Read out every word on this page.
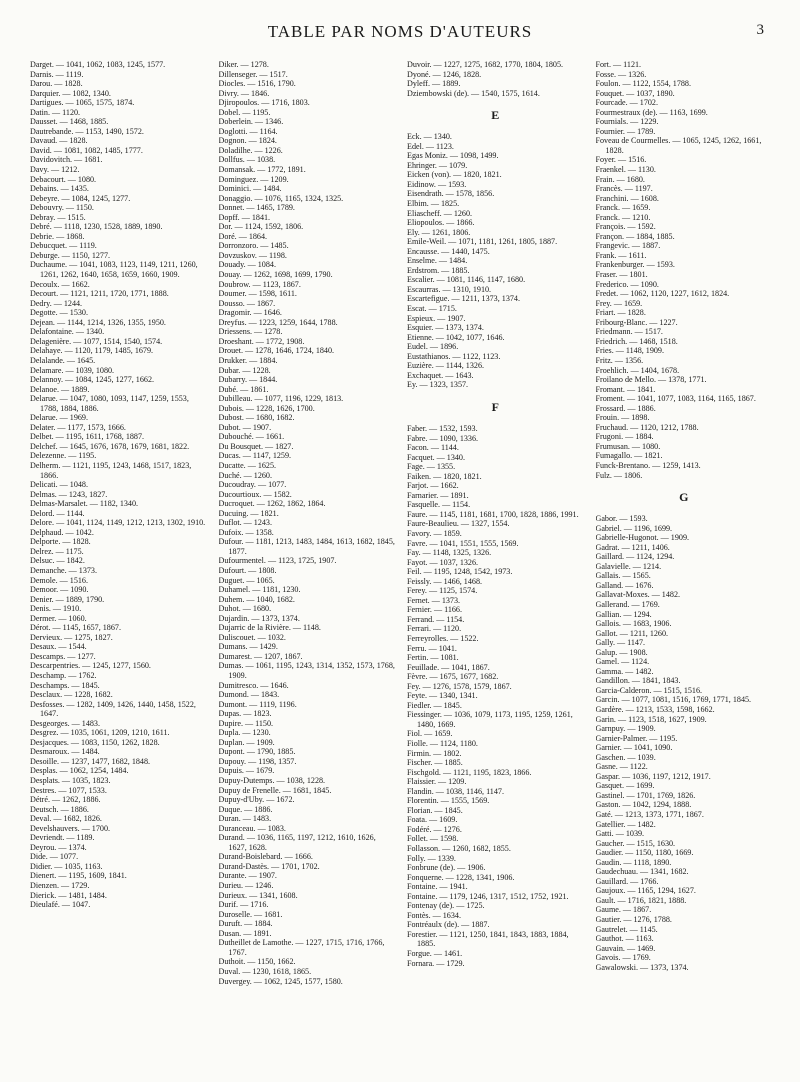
TABLE PAR NOMS D'AUTEURS	3

Darget. — 1041, 1062, 1083, 1245, 1577.

Darnis. — 1119.

Darou. — 1828.

Darquier. — 1082, 1340.

Dartigues. — 1065, 1575, 1874.

Datin. — 1120.

Dausset. — 1468, 1885.

Dautrebande. — 1153, 1490, 1572.

Davaud. — 1828.

David. — 1081, 1082, 1485, 1777.

Davidovitch. — 1681.

Davy. — 1212.

Debacourt. — 1080.

Debains. — 1435.

Debeyre. — 1084, 1245, 1277.

Debouvry. — 1150.

Debray. — 1515.

Debré. — 1118, 1230, 1528, 1889, 1890.

Debrie. — 1868.

Debucquet. — 1119.

Deburge. — 1150, 1277.

Duchaume. — 1041, 1083, 1123, 1149, 1211, 1260, 1261, 1262, 1640, 1658, 1659, 1660, 1909.

Decoulx. — 1662.

Decourt. — 1121, 1211, 1720, 1771, 1888.

Dedry. — 1244.

Degotte. — 1530.

Dejean. — 1144, 1214, 1326, 1355, 1950.

Delafontaine. — 1340.

Delagenière. — 1077, 1514, 1540, 1574.

Delahaye. — 1120, 1179, 1485, 1679.

Delalande. — 1645.

Delamare. — 1039, 1080.

Delannoy. — 1084, 1245, 1277, 1662.

Delanoe. — 1889.

Delarue. — 1047, 1080, 1093, 1147, 1259, 1553, 1788, 1884, 1886.

Delarue. — 1969.

Delater. — 1177, 1573, 1666.

Delbet. — 1195, 1611, 1768, 1887.

Delchef. — 1645, 1676, 1678, 1679, 1681, 1822.

Delezenne. — 1195.

Delherm. — 1121, 1195, 1243, 1468, 1517, 1823, 1866.

Delicati. — 1048.

Delmas. — 1243, 1827.

Delmas-Marsalet. — 1182, 1340.

Delord. — 1144.

Delore. — 1041, 1124, 1149, 1212, 1213, 1302, 1910.

Delphaud. — 1042.

Delporte. — 1828.

Delrez. — 1175.

Delsuc. — 1842.

Demanche. — 1373.

Demole. — 1516.

Demoor. — 1090.

Denier. — 1889, 1790.

Denis. — 1910.

Dermer. — 1060.

Dérot. — 1145, 1657, 1867.

Dervieux. — 1275, 1827.

Desaux. — 1544.

Descamps. — 1277.

Descarpentries. — 1245, 1277, 1560.

Deschamp. — 1762.

Deschamps. — 1845.

Desclaux. — 1228, 1682.

Desfosses. — 1282, 1409, 1426, 1440, 1458, 1522, 1647.

Desgeorges. — 1483.

Desgrez. — 1035, 1061, 1209, 1210, 1611.

Desjacques. — 1083, 1150, 1262, 1828.

Desmaroux. — 1484.

Desoille. — 1237, 1477, 1682, 1848.

Desplas. — 1062, 1254, 1484.

Desplats. — 1035, 1823.

Destres. — 1077, 1533.

Détré. — 1262, 1886.

Deutsch. — 1886.

Deval. — 1682, 1826.

Develshauvers. — 1700.

Devriendt. — 1189.

Deyrou. — 1374.

Dide. — 1077.

Didier. — 1035, 1163.

Dienert. — 1195, 1609, 1841.

Dienzen. — 1729.

Dierick. — 1481, 1484.

Dieulafé. — 1047.

Diker. — 1278.

Dillenseger. — 1517.

Diocles. — 1516, 1790.

Divry. — 1846.

Djiropoulos. — 1716, 1803.

Dobel. — 1195.

Doberlein. — 1346.

Doglotti. — 1164.

Dognon. — 1824.

Doladilhe. — 1226.

Dollfus. — 1038.

Domansak. — 1772, 1891.

Dominguez. — 1209.

Dominici. — 1484.

Donaggio. — 1076, 1165, 1324, 1325.

Donnet. — 1465, 1789.

Dopff. — 1841.

Dor. — 1124, 1592, 1806.

Doré. — 1864.

Dorronzoro. — 1485.

Dovzuskov. — 1198.

Douady. — 1084.

Douay. — 1262, 1698, 1699, 1790.

Doubrow. — 1123, 1867.

Doumer. — 1598, 1611.

Dousso. — 1867.

Dragomir. — 1646.

Dreyfus. — 1223, 1259, 1644, 1788.

Driessens. — 1278.

Droeshant. — 1772, 1908.

Drouet. — 1278, 1646, 1724, 1840.

Drukker. — 1884.

Dubar. — 1228.

Dubarry. — 1844.

Dubé. — 1861.

Dubilleau. — 1077, 1196, 1229, 1813.

Dubois. — 1228, 1626, 1700.

Dubost. — 1680, 1682.

Dubot. — 1907.

Dubouché. — 1661.

Du Bousquet. — 1827.

Ducas. — 1147, 1259.

Ducatte. — 1625.

Duché. — 1260.

Ducoudray. — 1077.

Ducourtioux. — 1582.

Ducroquet. — 1262, 1862, 1864.

Ducuing. — 1821.

Duflot. — 1243.

Dufoix. — 1358.

Dufour. — 1181, 1213, 1483, 1484, 1613, 1682, 1845, 1877.

Dufourmentel. — 1123, 1725, 1907.

Dufourt. — 1808.

Duguet. — 1065.

Duhamel. — 1181, 1230.

Duhem. — 1040, 1682.

Duhot. — 1680.

Dujardin. — 1373, 1374.

Dujarric de la Rivière. — 1148.

Duliscouet. — 1032.

Dumans. — 1429.

Dumarest. — 1207, 1867.

Dumas. — 1061, 1195, 1243, 1314, 1352, 1573, 1768, 1909.

Dumitresco. — 1646.

Dumond. — 1843.

Dumont. — 1119, 1196.

Dupas. — 1823.

Dupire. — 1150.

Dupla. — 1230.

Duplan. — 1909.

Dupont. — 1790, 1885.

Dupouy. — 1198, 1357.

Dupuis. — 1679.

Dupuy-Dutemps. — 1038, 1228.

Dupuy de Frenelle. — 1681, 1845.

Dupuy-d'Uby. — 1672.

Duque. — 1886.

Duran. — 1483.

Duranceau. — 1083.

Durand. — 1036, 1165, 1197, 1212, 1610, 1626, 1627, 1628.

Durand-Boislebard. — 1666.

Durand-Dastès. — 1701, 1702.

Durante. — 1907.

Durieu. — 1246.

Durieux. — 1341, 1608.

Durif. — 1716.

Duroselle. — 1681.

Duruft. — 1884.

Dusan. — 1891.

Dutheillet de Lamothe. — 1227, 1715, 1716, 1766, 1767.

Duthoit. — 1150, 1662.

Duval. — 1230, 1618, 1865.

Duvergey. — 1062, 1245, 1577, 1580.

Duvoir. — 1227, 1275, 1682, 1770, 1804, 1805.

Dyoné. — 1246, 1828.

Dyleff. — 1889.

Dziembowski (de). — 1540, 1575, 1614.

E

Eck. — 1340.

Edel. — 1123.

Egas Moniz. — 1098, 1499.

Ehringer. — 1079.

Eicken (von). — 1820, 1821.

Eidinow. — 1593.

Eisendrath. — 1578, 1856.

Elbim. — 1825.

Eliascheff. — 1260.

Eliopoulos. — 1866.

Ely. — 1261, 1806.

Emile-Weil. — 1071, 1181, 1261, 1805, 1887.

Encausse. — 1440, 1475.

Enselme. — 1484.

Erdstrom. — 1885.

Escalier. — 1081, 1146, 1147, 1680.

Escaurras. — 1310, 1910.

Escartefigue. — 1211, 1373, 1374.

Escat. — 1715.

Espieux. — 1907.

Esquier. — 1373, 1374.

Etienne. — 1042, 1077, 1646.

Eudel. — 1896.

Eustathianos. — 1122, 1123.

Euzière. — 1144, 1326.

Exchaquet. — 1643.

Ey. — 1323, 1357.

F

Faber. — 1532, 1593.

Fabre. — 1090, 1336.

Facon. — 1144.

Facquet. — 1340.

Fage. — 1355.

Faiken. — 1820, 1821.

Farjot. — 1662.

Farnarier. — 1891.

Fasquelle. — 1154.

Faure. — 1145, 1181, 1681, 1700, 1828, 1886, 1991.

Faure-Beaulieu. — 1327, 1554.

Favory. — 1859.

Favre. — 1041, 1551, 1555, 1569.

Fay. — 1148, 1325, 1326.

Fayot. — 1037, 1326.

Feil. — 1195, 1248, 1542, 1973.

Feissly. — 1466, 1468.

Ferey. — 1125, 1574.

Fernet. — 1373.

Fernier. — 1166.

Ferrand. — 1154.

Ferrari. — 1120.

Ferreyrolles. — 1522.

Ferru. — 1041.

Fertin. — 1081.

Feuillade. — 1041, 1867.

Fèvre. — 1675, 1677, 1682.

Fey. — 1276, 1578, 1579, 1867.

Feyte. — 1340, 1341.

Fiedler. — 1845.

Fiessinger. — 1036, 1079, 1173, 1195, 1259, 1261, 1480, 1669.

Fiol. — 1659.

Fiolle. — 1124, 1180.

Firmin. — 1802.

Fischer. — 1885.

Fischgold. — 1121, 1195, 1823, 1866.

Flaissier. — 1209.

Flandin. — 1038, 1146, 1147.

Florentin. — 1555, 1569.

Florian. — 1845.

Foata. — 1609.

Fodéré. — 1276.

Follet. — 1598.

Follasson. — 1260, 1682, 1855.

Folly. — 1339.

Fonbrune (de). — 1906.

Fonquerne. — 1228, 1341, 1906.

Fontaine. — 1941.

Fontaine. — 1179, 1246, 1317, 1512, 1752, 1921.

Fontenay (de). — 1725.

Fontès. — 1634.

Fontréaulx (de). — 1887.

Forestier. — 1121, 1250, 1841, 1843, 1883, 1884, 1885.

Forgue. — 1461.

Fornara. — 1729.

Fort. — 1121.

Fosse. — 1326.

Foulon. — 1122, 1554, 1788.

Fouquet. — 1037, 1890.

Fourcade. — 1702.

Fourmestraux (de). — 1163, 1699.

Fournials. — 1229.

Fournier. — 1789.

Foveau de Courmelles. — 1065, 1245, 1262, 1661, 1828.

Foyer. — 1516.

Fraenkel. — 1130.

Frain. — 1680.

Francès. — 1197.

Franchini. — 1608.

Franck. — 1659.

Franck. — 1210.

François. — 1592.

Françon. — 1884, 1885.

Frangevic. — 1887.

Frank. — 1611.

Frankenburger. — 1593.

Fraser. — 1801.

Frederico. — 1090.

Fredet. — 1062, 1120, 1227, 1612, 1824.

Frey. — 1659.

Friart. — 1828.

Fribourg-Blanc. — 1227.

Friedmann. — 1517.

Friedrich. — 1468, 1518.

Fries. — 1148, 1909.

Fritz. — 1356.

Froehlich. — 1404, 1678.

Froilano de Mello. — 1378, 1771.

Fromant. — 1841.

Froment. — 1041, 1077, 1083, 1164, 1165, 1867.

Frossard. — 1886.

Frouin. — 1898.

Fruchaud. — 1120, 1212, 1788.

Frugoni. — 1884.

Frumusan. — 1080.

Fumagallo. — 1821.

Funck-Brentano. — 1259, 1413.

Fulz. — 1806.

G

Gabor. — 1593.

Gabriel. — 1196, 1699.

Gabrielle-Hugonot. — 1909.

Gadrat. — 1211, 1406.

Gaillard. — 1124, 1294.

Galavielle. — 1214.

Gallais. — 1565.

Galland. — 1676.

Gallavat-Moxes. — 1482.

Gallerand. — 1769.

Gallian. — 1294.

Gallois. — 1683, 1906.

Gallot. — 1211, 1260.

Gally. — 1147.

Galup. — 1908.

Gamel. — 1124.

Gamma. — 1482.

Gandillon. — 1841, 1843.

Garcia-Calderon. — 1515, 1516.

Garcin. — 1077, 1081, 1516, 1769, 1771, 1845.

Gardère. — 1213, 1533, 1598, 1662.

Garin. — 1123, 1518, 1627, 1909.

Garnpuy. — 1909.

Garnier-Palmer. — 1195.

Garnier. — 1041, 1090.

Gaschen. — 1039.

Gasne. — 1122.

Gaspar. — 1036, 1197, 1212, 1917.

Gasquet. — 1699.

Gastinel. — 1701, 1769, 1826.

Gaston. — 1042, 1294, 1888.

Gaté. — 1213, 1373, 1771, 1867.

Gatellier. — 1482.

Gatti. — 1039.

Gaucher. — 1515, 1630.

Gaudier. — 1150, 1180, 1669.

Gaudin. — 1118, 1890.

Gaudechuau. — 1341, 1682.

Gauillard. — 1766.

Gaujoux. — 1165, 1294, 1627.

Gault. — 1716, 1821, 1888.

Gaume. — 1867.

Gautier. — 1276, 1788.

Gautrelet. — 1145.

Gauthot. — 1163.

Gauvain. — 1469.

Gavois. — 1769.

Gawalowski. — 1373, 1374.
